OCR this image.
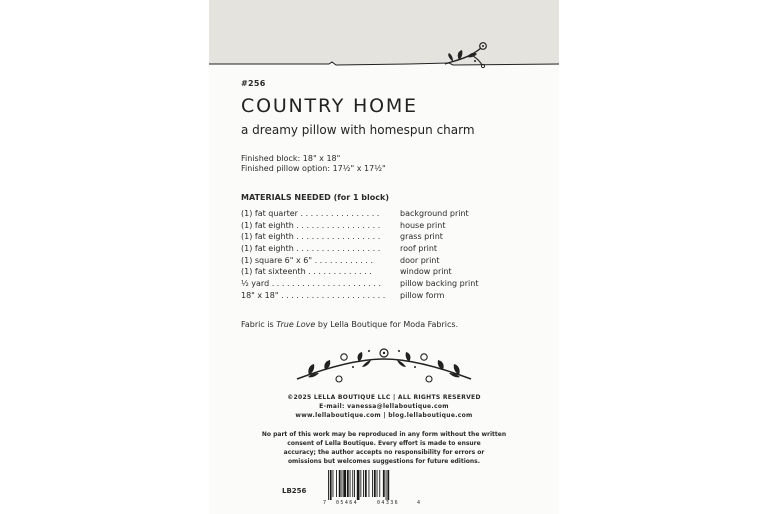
#256
COUNTRY HOME
a dreamy pillow with homespun charm
Finished block: 18" x 18"
Finished pillow option: 17½" x 17½"
MATERIALS NEEDED (for 1 block)
(1) fat quarter . . . . . . . . . . . . . . . .	background print
(1) fat eighth . . . . . . . . . . . . . . . . . house print
(1) fat eighth . . . . . . . . . . . . . . . . . grass print
(1) fat eighth . . . . . . . . . . . . . . . . . roof print
(1) square 6" x 6" . . . . . . . . . . . .	door print
(1) fat sixteenth . . . . . . . . . . . . .	window print
½ yard . . . . . . . . . . . . . . . . . . . . . . pillow backing print
18" x 18" . . . . . . . . . . . . . . . . . . . . . pillow form
Fabric is True Love by Lella Boutique for Moda Fabrics.
©2025 LELLA BOUTIQUE LLC | ALL RIGHTS RESERVED
E-mail: vanessa@lellaboutique.com
www.lellaboutique.com | blog.lellaboutique.com
No part of this work may be reproduced in any form without the written
consent of Lella Boutique. Every effort is made to ensure
accuracy; the author accepts no responsibility for errors or
omissions but welcomes suggestions for future editions.
LB256
7 05464	04336	4
